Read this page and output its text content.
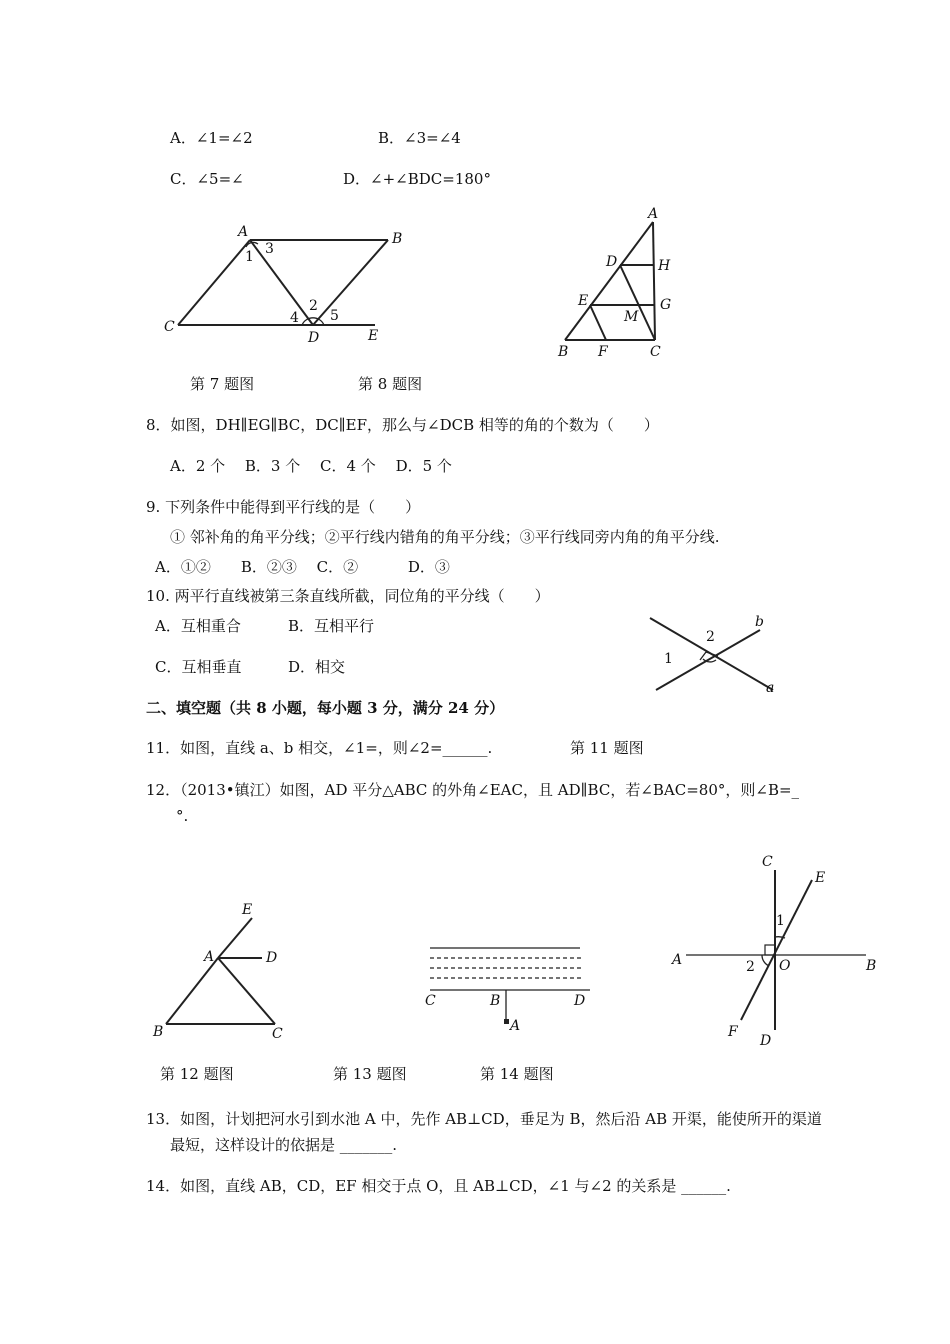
A．∠1=∠2	B．∠3=∠4
C．∠5=∠	D．∠+∠BDC=180°
A	B
C
D	E
1 3
2
4 5
A
B	C
D
E
F
G
H
M
第 7 题图	第 8 题图
8．如图，DH∥EG∥BC，DC∥EF，那么与∠DCB 相等的角的个数为（　　）
A．2 个　 B．3 个　 C．4 个　 D．5 个
9. 下列条件中能得到平行线的是（　　）
① 邻补角的角平分线；②平行线内错角的角平分线；③平行线同旁内角的角平分线.
A．①②　　B．②③　 C．②　　　 D．③
10. 两平行直线被第三条直线所截，同位角的平分线（　　）
A．互相重合	B．互相平行
C．互相垂直	D．相交
b
a
1
2
二、填空题（共 8 小题，每小题 3 分，满分 24 分）
11．如图，直线 a、b 相交，∠1=，则∠2=______.	第 11 题图
12．（2013•镇江）如图，AD 平分△ABC 的外角∠EAC，且 AD∥BC，若∠BAC=80°，则∠B=_
°.
E
A	D
B	C
C	B	D
A
C
E
A	B
O
F
D
1
2
第 12 题图	第 13 题图	第 14 题图
13．如图，计划把河水引到水池 A 中，先作 AB⊥CD，垂足为 B，然后沿 AB 开渠，能使所开的渠道
最短，这样设计的依据是 _______.
14．如图，直线 AB，CD，EF 相交于点 O，且 AB⊥CD，∠1 与∠2 的关系是 ______.
